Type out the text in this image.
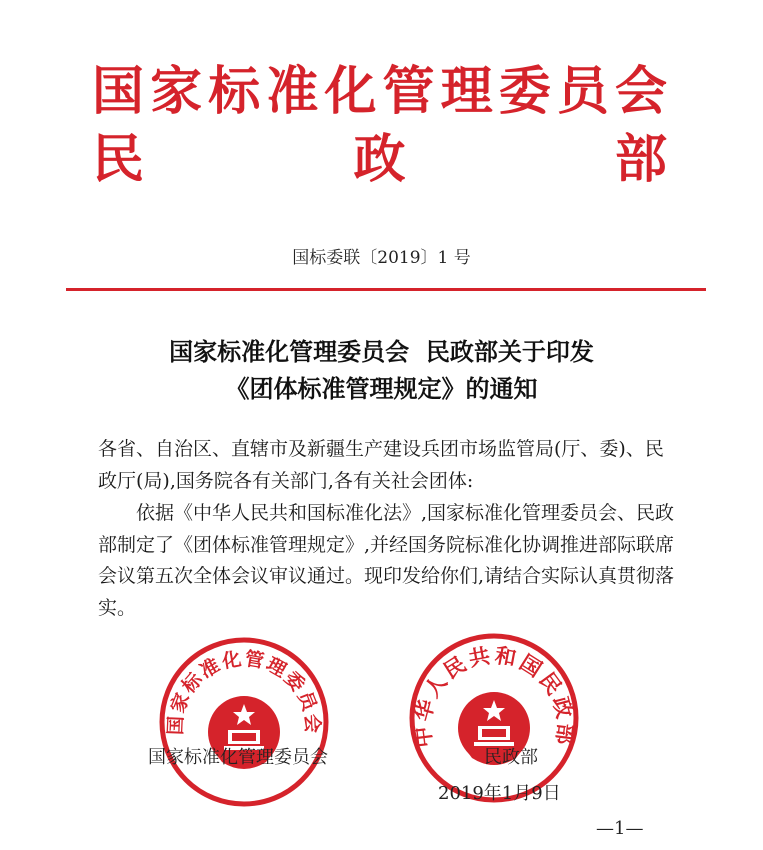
国 家 标 准 化 管 理 委 员 会
民	政	部
国标委联〔2019〕1 号
国家标准化管理委员会  民政部关于印发
《团体标准管理规定》的通知
各省、自治区、直辖市及新疆生产建设兵团市场监管局(厅、委)、民政厅(局),国务院各有关部门,各有关社会团体:
依据《中华人民共和国标准化法》,国家标准化管理委员会、民政部制定了《团体标准管理规定》,并经国务院标准化协调推进部际联席会议第五次全体会议审议通过。现印发给你们,请结合实际认真贯彻落实。
国家标准化管理委员会	中华人民共和国民政部
国家标准化管理委员会	民政部
2019年1月9日
—1—
